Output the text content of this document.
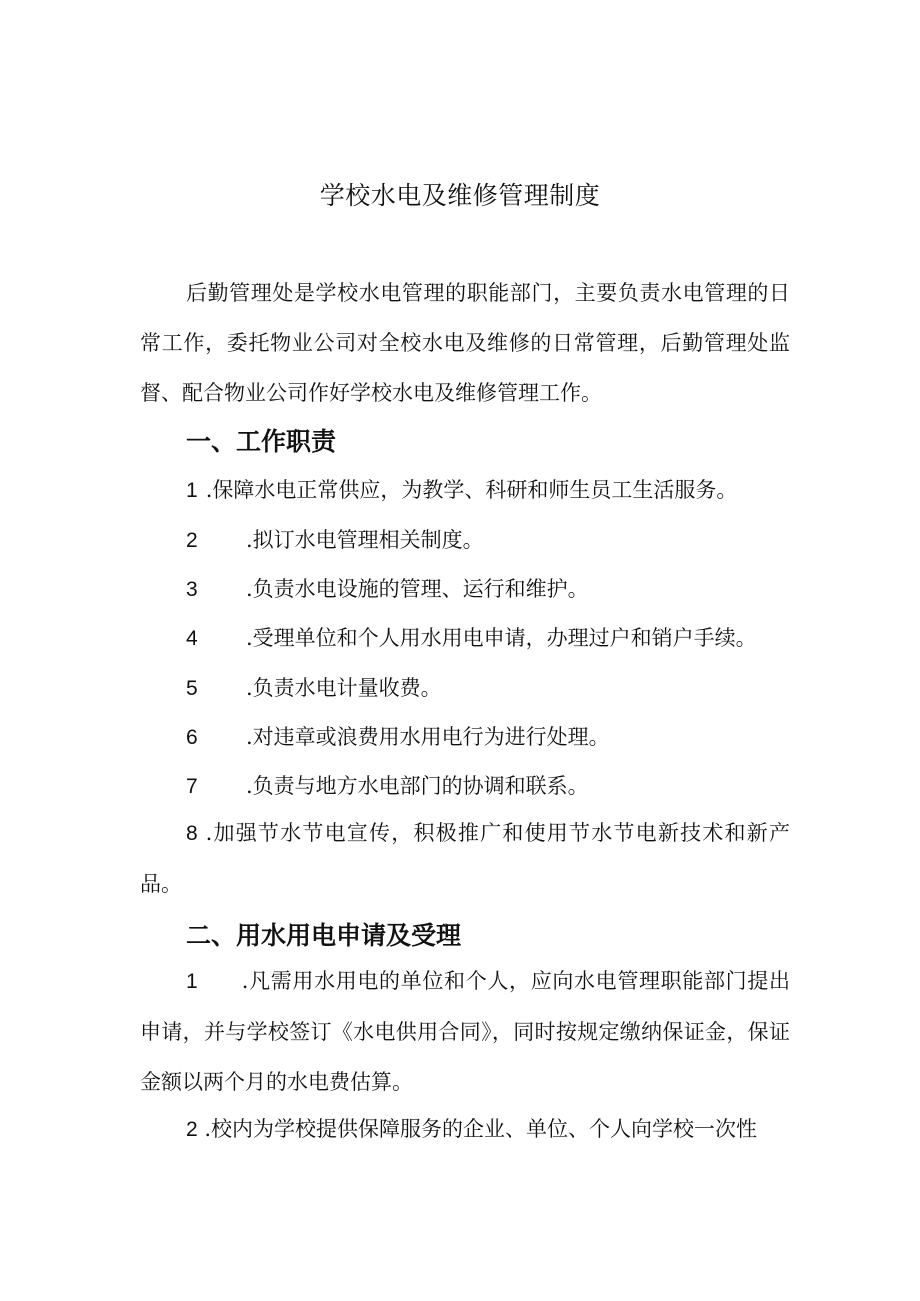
学校水电及维修管理制度

后勤管理处是学校水电管理的职能部门，主要负责水电管理的日常工作，委托物业公司对全校水电及维修的日常管理，后勤管理处监督、配合物业公司作好学校水电及维修管理工作。

一、工作职责
1 .保障水电正常供应，为教学、科研和师生员工生活服务。
2 .拟订水电管理相关制度。
3 .负责水电设施的管理、运行和维护。
4 .受理单位和个人用水用电申请，办理过户和销户手续。
5 .负责水电计量收费。
6 .对违章或浪费用水用电行为进行处理。
7 .负责与地方水电部门的协调和联系。

8 .加强节水节电宣传，积极推广和使用节水节电新技术和新产品。

二、用水用电申请及受理

1 .凡需用水用电的单位和个人，应向水电管理职能部门提出申请，并与学校签订《水电供用合同》，同时按规定缴纳保证金，保证金额以两个月的水电费估算。

2 .校内为学校提供保障服务的企业、单位、个人向学校一次性
